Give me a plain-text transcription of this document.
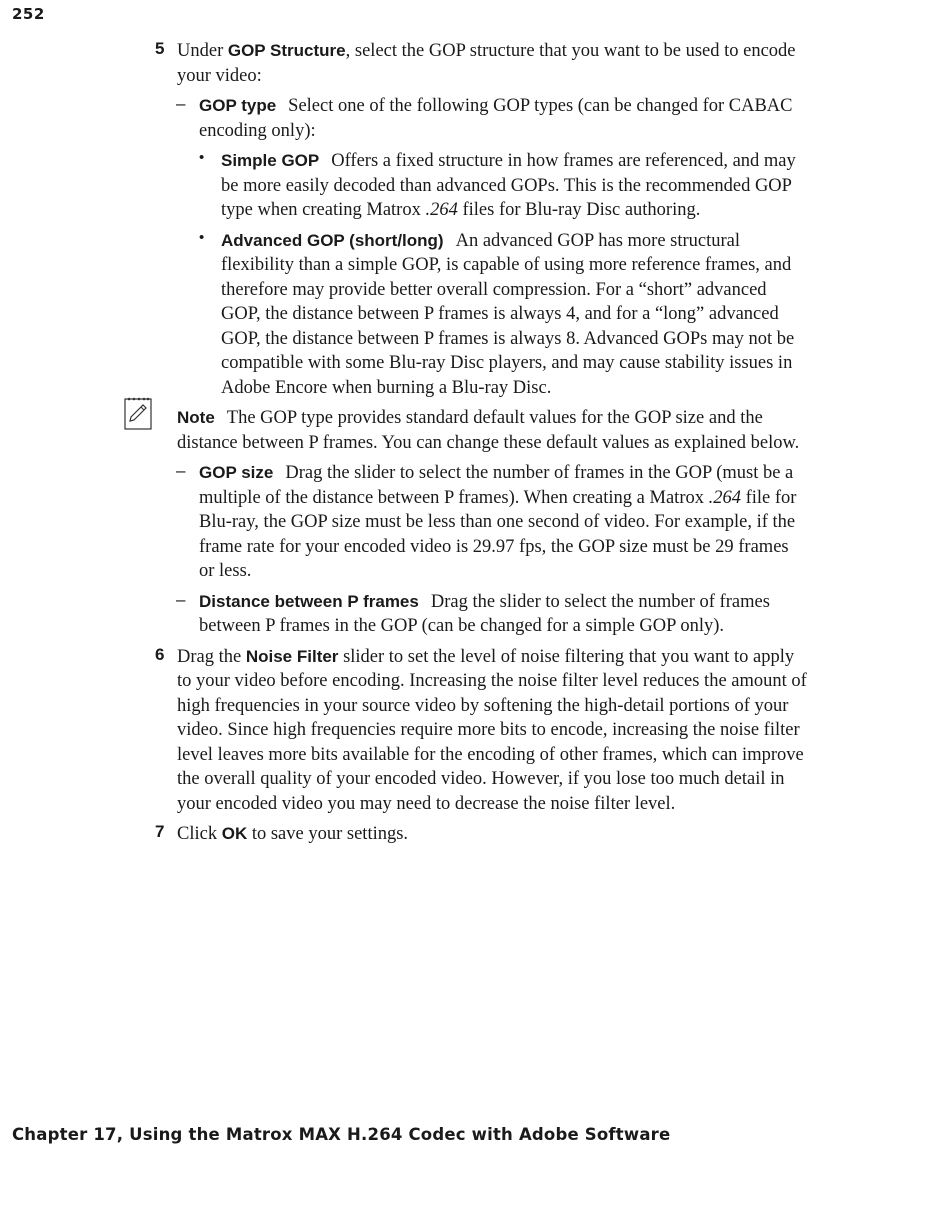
252
5 Under GOP Structure, select the GOP structure that you want to be used to encode your video:

– GOP type Select one of the following GOP types (can be changed for CABAC encoding only):

• Simple GOP Offers a fixed structure in how frames are referenced, and may be more easily decoded than advanced GOPs. This is the recommended GOP type when creating Matrox .264 files for Blu-ray Disc authoring.

• Advanced GOP (short/long) An advanced GOP has more structural flexibility than a simple GOP, is capable of using more reference frames, and therefore may provide better overall compression. For a “short” advanced GOP, the distance between P frames is always 4, and for a “long” advanced GOP, the distance between P frames is always 8. Advanced GOPs may not be compatible with some Blu-ray Disc players, and may cause stability issues in Adobe Encore when burning a Blu-ray Disc.

Note The GOP type provides standard default values for the GOP size and the distance between P frames. You can change these default values as explained below.

– GOP size Drag the slider to select the number of frames in the GOP (must be a multiple of the distance between P frames). When creating a Matrox .264 file for Blu-ray, the GOP size must be less than one second of video. For example, if the frame rate for your encoded video is 29.97 fps, the GOP size must be 29 frames or less.

– Distance between P frames Drag the slider to select the number of frames between P frames in the GOP (can be changed for a simple GOP only).

6 Drag the Noise Filter slider to set the level of noise filtering that you want to apply to your video before encoding. Increasing the noise filter level reduces the amount of high frequencies in your source video by softening the high-detail portions of your video. Since high frequencies require more bits to encode, increasing the noise filter level leaves more bits available for the encoding of other frames, which can improve the overall quality of your encoded video. However, if you lose too much detail in your encoded video you may need to decrease the noise filter level.

7 Click OK to save your settings.

Chapter 17, Using the Matrox MAX H.264 Codec with Adobe Software
